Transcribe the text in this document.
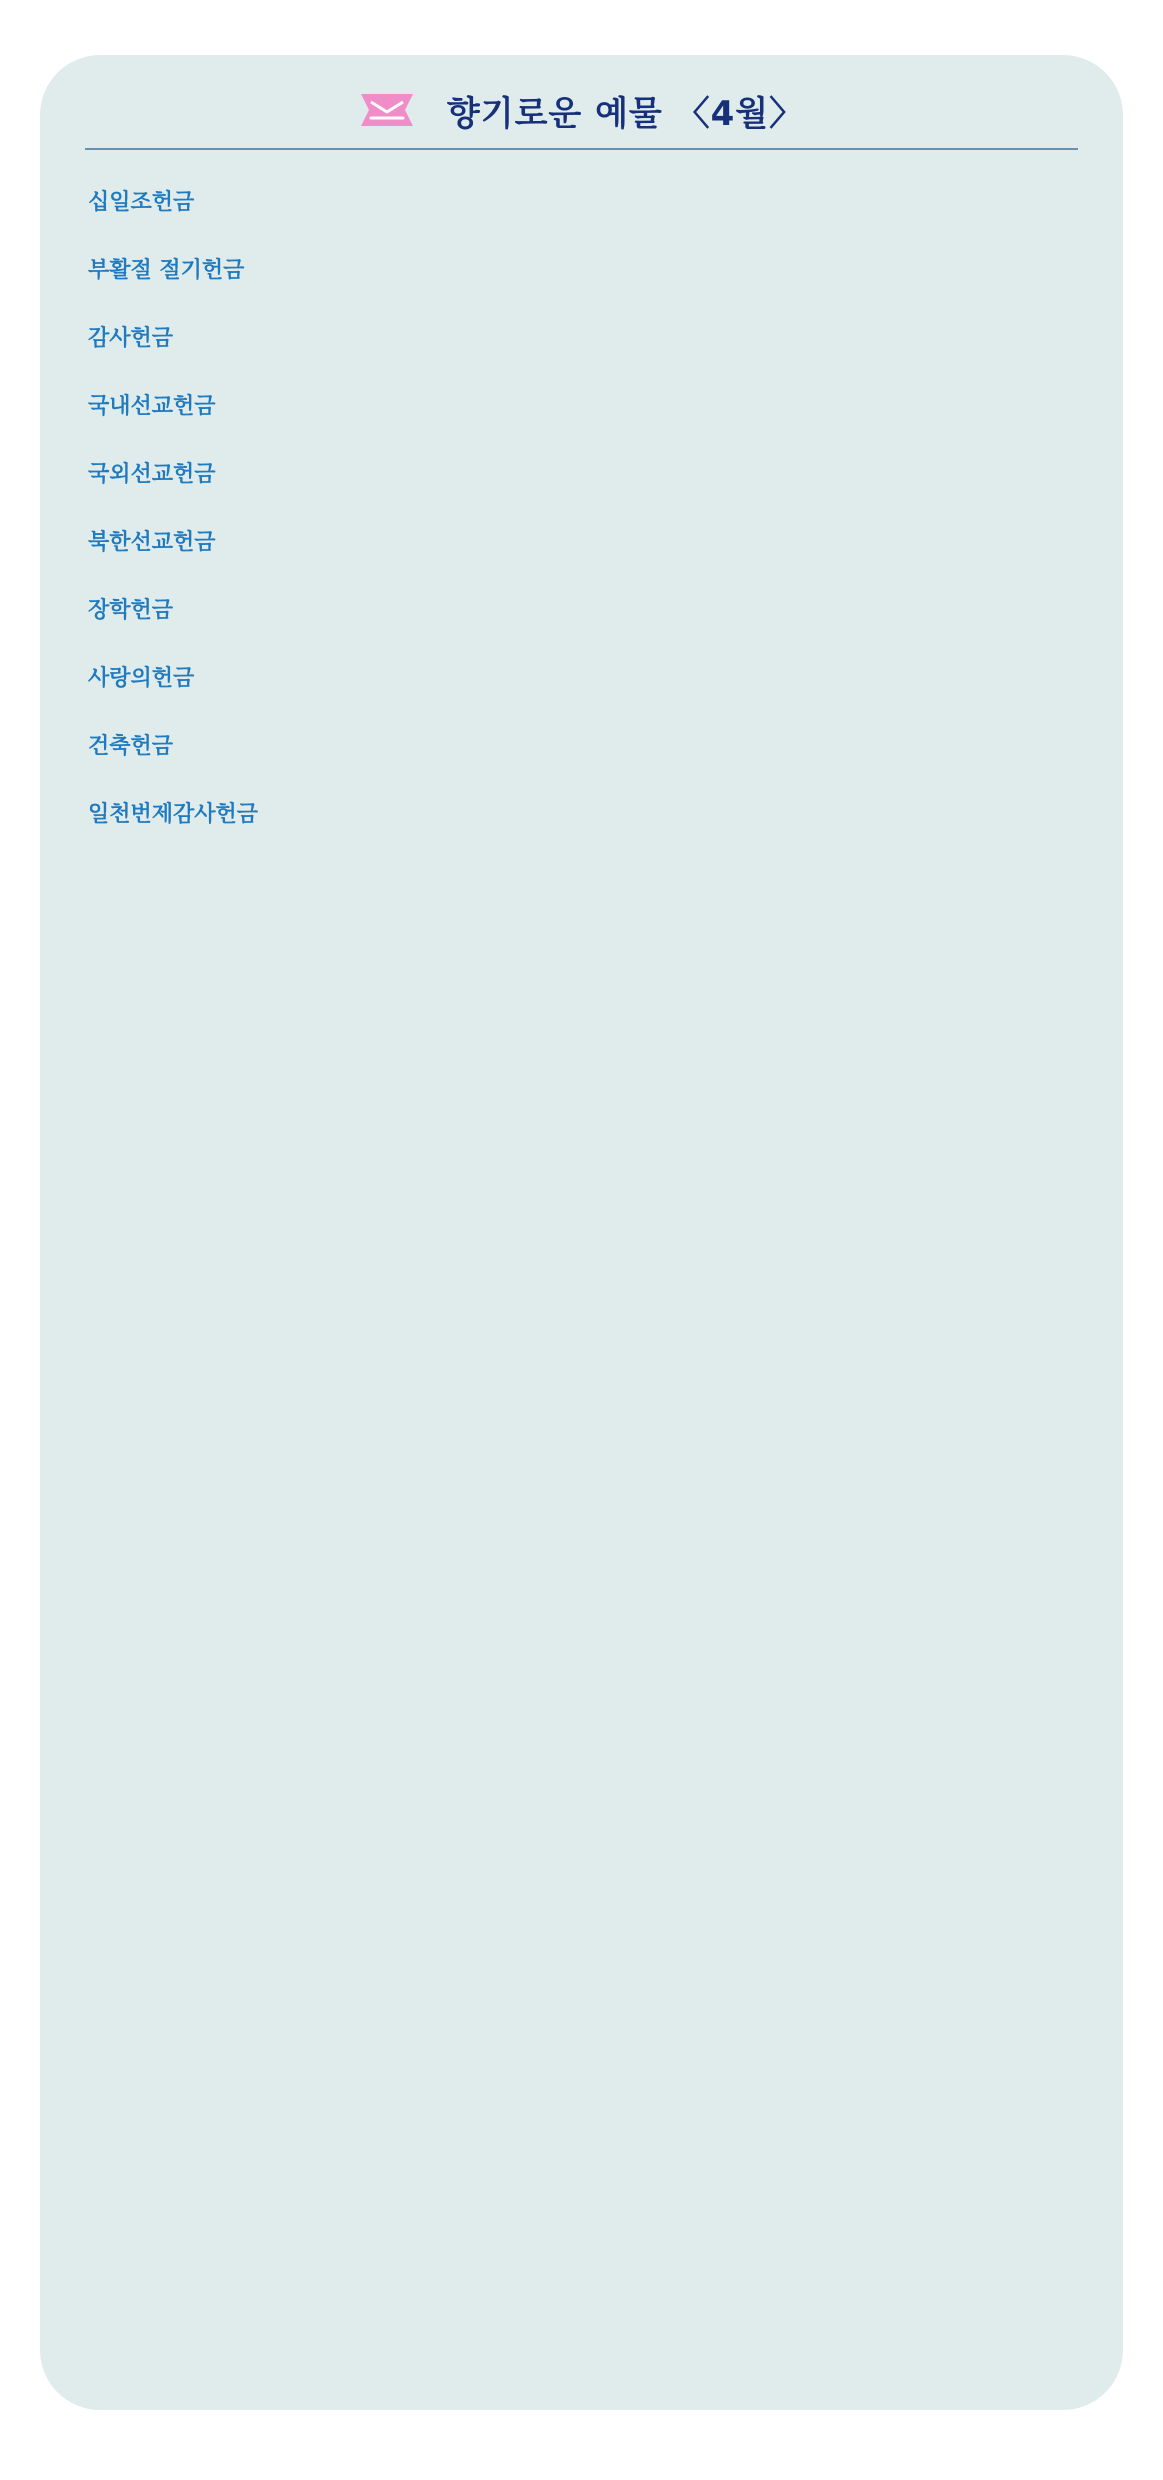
향기로운 예물 〈4월〉
십일조헌금
부활절 절기헌금
감사헌금
국내선교헌금
국외선교헌금
북한선교헌금
장학헌금
사랑의헌금
건축헌금
일천번제감사헌금
